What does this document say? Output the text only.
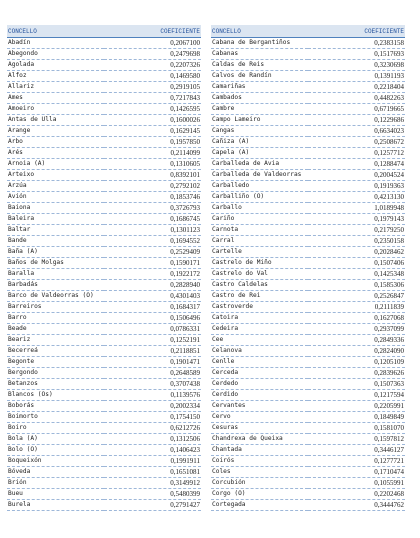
CONCELLO	COEFICIENTE
Abadín	0,2067100
Abegondo	0,2479698
Agolada	0,2207326
Alfoz	0,1469580
Allariz	0,2919105
Ames	0,7217843
Amoeiro	0,1426595
Antas de Ulla	0,1600026
Arange	0,1629145
Arbo	0,1957850
Arés	0,2114099
Arnoia (A)	0,1310605
Arteixo	0,8392101
Arzúa	0,2792102
Avión	0,1853746
Baiona	0,3726793
Baleira	0,1686745
Baltar	0,1301123
Bande	0,1694552
Baña (A)	0,2529409
Baños de Molgas	0,1590171
Baralla	0,1922172
Barbadás	0,2828940
Barco de Valdeorras (O)	0,4301403
Barreiros	0,1684317
Barro	0,1506496
Beade	0,0786331
Beariz	0,1252191
Becerreá	0,2118851
Begonte	0,1901471
Bergondo	0,2648589
Betanzos	0,3707438
Blancos (Os)	0,1139576
Boborás	0,2002334
Boimorto	0,1754150
Boiro	0,6212726
Bola (A)	0,1312506
Bolo (O)	0,1406423
Boqueixón	0,1991911
Bóveda	0,1651081
Brión	0,3149912
Bueu	0,5480399
Burela	0,2791427
CONCELLO	COEFICIENTE
Cabana de Bergantiños	0,2383158
Cabanas	0,1517693
Caldas de Reis	0,3230698
Calvos de Randín	0,1391193
Camariñas	0,2218404
Cambados	0,4482263
Cambre	0,6719665
Campo Lameiro	0,1229686
Cangas	0,6634023
Cañiza (A)	0,2508672
Capela (A)	0,1257712
Carballeda de Avia	0,1288474
Carballeda de Valdeorras	0,2004524
Carballedo	0,1919363
Carballiño (O)	0,4213130
Carballo	1,0189948
Cariño	0,1979143
Carnota	0,2179250
Carral	0,2350158
Cartelle	0,2028462
Castrelo de Miño	0,1507406
Castrelo do Val	0,1425348
Castro Caldelas	0,1585306
Castro de Rei	0,2526847
Castroverde	0,2111839
Catoira	0,1627068
Cedeira	0,2937099
Cee	0,2849336
Celanova	0,2824090
Cenlle	0,1205109
Cerceda	0,2839626
Cerdedo	0,1507363
Cerdido	0,1217594
Cervantes	0,2205991
Cervo	0,1849849
Cesuras	0,1581070
Chandrexa de Queixa	0,1597812
Chantada	0,3446127
Coirós	0,1277721
Coles	0,1710474
Corcubión	0,1055991
Corgo (O)	0,2202468
Cortegada	0,3444762
